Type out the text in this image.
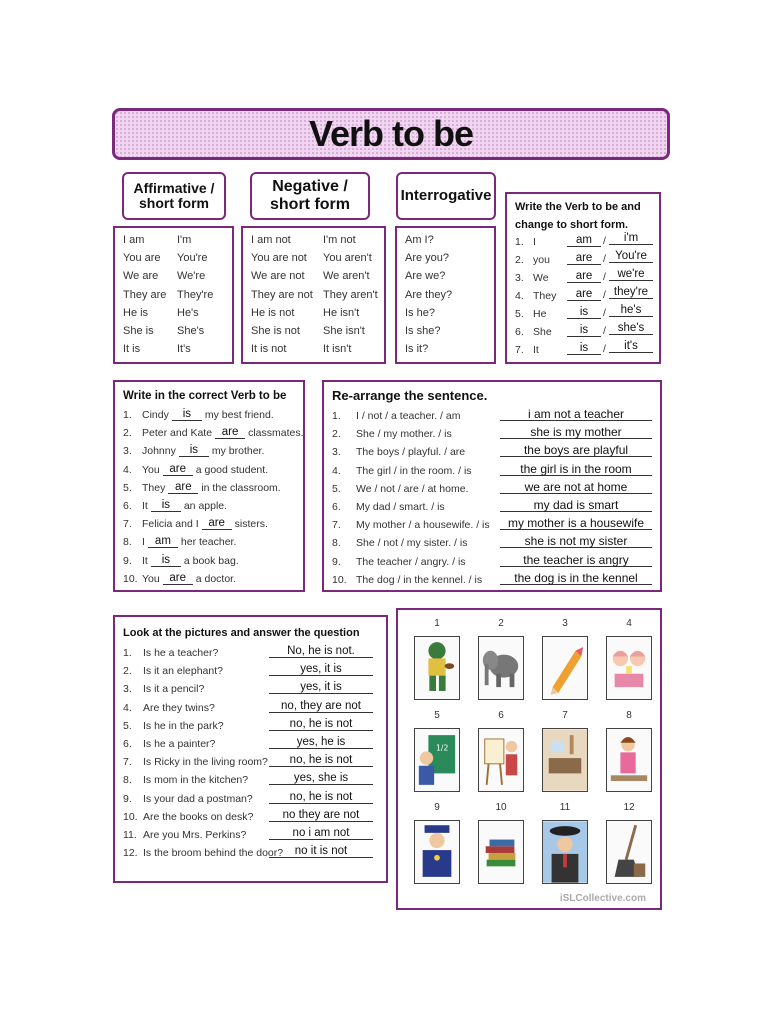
Verb to be
Affirmative /
short form
Negative /
short form
Interrogative
I am	I'm
You are You're
We are We're
They are They're
He is	He's
She is She's
It is	It's
I am not	I'm not
You are not You aren't
We are not We aren't
They are not They aren't
He is not	He isn't
She is not She isn't
It is not	It isn't
Am I?
Are you?
Are we?
Are they?
Is he?
Is she?
Is it?
Write the Verb to be and
change to short form.
1. I	am	/	i'm
2. you	are	/ You're
3. We	are	/	we're
4. They	are	/ they're
5. He	is	/	he's
6. She	is	/	she's
7. It	is	/	it's
Write in the correct Verb to be
1. Cindy	is	my best friend.
2. Peter and Kate are classmates.
3. Johnny	is	my brother.
4. You are a good student.
5. They are in the classroom.
6. It	is	an apple.
7. Felicia and I are sisters.
8. I am her teacher.
9. It	is	a book bag.
10. You are a doctor.
Re-arrange the sentence.
1. I / not / a teacher. / am	i am not a teacher
2. She / my mother. / is	she is my mother
3. The boys / playful. / are	the boys are playful
4. The girl / in the room. / is	the girl is in the room
5. We / not / are / at home.	we are not at home
6. My dad / smart. / is	my dad is smart
7. My mother / a housewife. / is	my mother is a housewife
8. She / not / my sister. / is	she is not my sister
9. The teacher / angry. / is	the teacher is angry
10. The dog / in the kennel. / is	the dog is in the kennel
Look at the pictures and answer the question
1. Is he a teacher?	No, he is not.
2. Is it an elephant?	yes, it is
3. Is it a pencil?	yes, it is
4. Are they twins?	no, they are not
5. Is he in the park?	no, he is not
6. Is he a painter?	yes, he is
7. Is Ricky in the living room?	no, he is not
8. Is mom in the kitchen?	yes, she is
9. Is your dad a postman?	no, he is not
10. Are the books on desk?	no they are not
11. Are you Mrs. Perkins?	no i am not
12. Is the broom behind the door?	no it is not
iSLCollective.com
1	2	3	4
5
1/2
6	7	8
9	10	11	12
